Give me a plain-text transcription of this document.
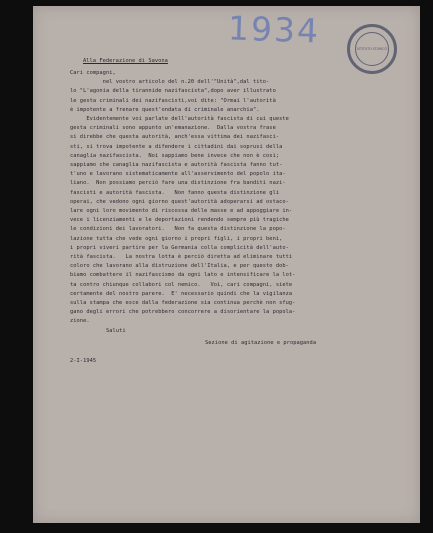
1934	ISTITUTO STORICO
Alla Federazione di Savona
Cari compagni,
nel vostro articolo del n.20 dell'"Unità",dal tito-
lo "L'agonia della tirannide nazifascista",dopo aver illustrato
le gesta criminali dei nazifascisti,voi dite: "Ormai l'autorità
è impotente a frenare quest'ondata di criminale anarchia".
Evidentemente voi parlate dell'autorità fascista di cui queste
gesta criminali sono appunto un'emanazione.  Dalla vostra frase
si direbbe che questa autorità, anch'essa vittima dei nazifasci-
sti, si trova impotente a difendere i cittadini dai soprusi della
canaglia nazifascista.  Noi sappiamo bene invece che non è così;
sappiamo che canaglia nazifascista e autorità fascista fanno tut-
t'uno e lavorano sistematicamente all'asservimento del popolo ita-
liano.  Non possiamo perciò fare una distinzione fra banditi nazi-
fascisti e autorità fascista.   Non fanno questa distinzione gli
operai, che vedono ogni giorno quest'autorità adoperarsi ad ostaco-
lare ogni loro movimento di riscossa delle masse e ad appoggiare in-
vece i licenziamenti e le deportazioni rendendo sempre più tragiche
le condizioni dei lavoratori.   Non fa questa distinzione la popo-
lazione tutta che vede ogni giorno i propri figli, i propri beni,
i propri viveri partire per la Germania colla complicità dell'auto-
rità fascista.   La nostra lotta è perciò diretta ad eliminare tutti
coloro che lavorano alla distruzione dell'Italia, e per questo dob-
biamo combattere il nazifascismo da ogni lato e intensificare la lot-
ta contro chiunque collabori col nemico.   Voi, cari compagni, siete
certamente del nostro parere.  E' necessario quindi che la vigilanza
sulla stampa che esce dalla federazione sia continua perchè non sfug-
gano degli errori che potrebbero concorrere a disorientare la popola-
zione.
Saluti
Sezione di agitazione e propaganda
2-I-1945
